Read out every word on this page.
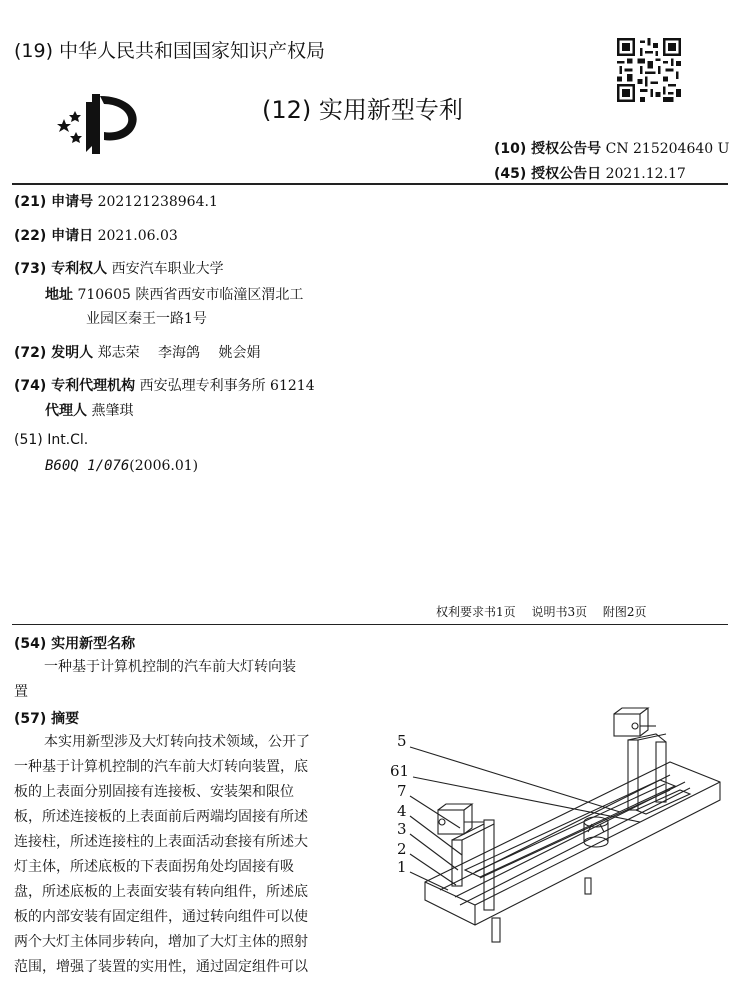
(19) 中华人民共和国国家知识产权局
(12) 实用新型专利
(10) 授权公告号 CN 215204640 U
(45) 授权公告日 2021.12.17
(21) 申请号 202121238964.1
(22) 申请日 2021.06.03
(73) 专利权人 西安汽车职业大学
地址 710605 陕西省西安市临潼区渭北工
业园区秦王一路1号
(72) 发明人 郑志荣　 李海鸽　 姚会娟
(74) 专利代理机构 西安弘理专利事务所 61214
代理人 燕肇琪
(51) Int.Cl.
B60Q 1/076(2006.01)
权利要求书1页　 说明书3页　 附图2页
(54) 实用新型名称
一种基于计算机控制的汽车前大灯转向装
置
(57) 摘要
本实用新型涉及大灯转向技术领域，公开了
一种基于计算机控制的汽车前大灯转向装置，底
板的上表面分别固接有连接板、安装架和限位
板，所述连接板的上表面前后两端均固接有所述
连接柱，所述连接柱的上表面活动套接有所述大
灯主体，所述底板的下表面拐角处均固接有吸
盘，所述底板的上表面安装有转向组件，所述底
板的内部安装有固定组件，通过转向组件可以使
两个大灯主体同步转向，增加了大灯主体的照射
范围，增强了装置的实用性，通过固定组件可以
5
61
7
4
3
2
1
